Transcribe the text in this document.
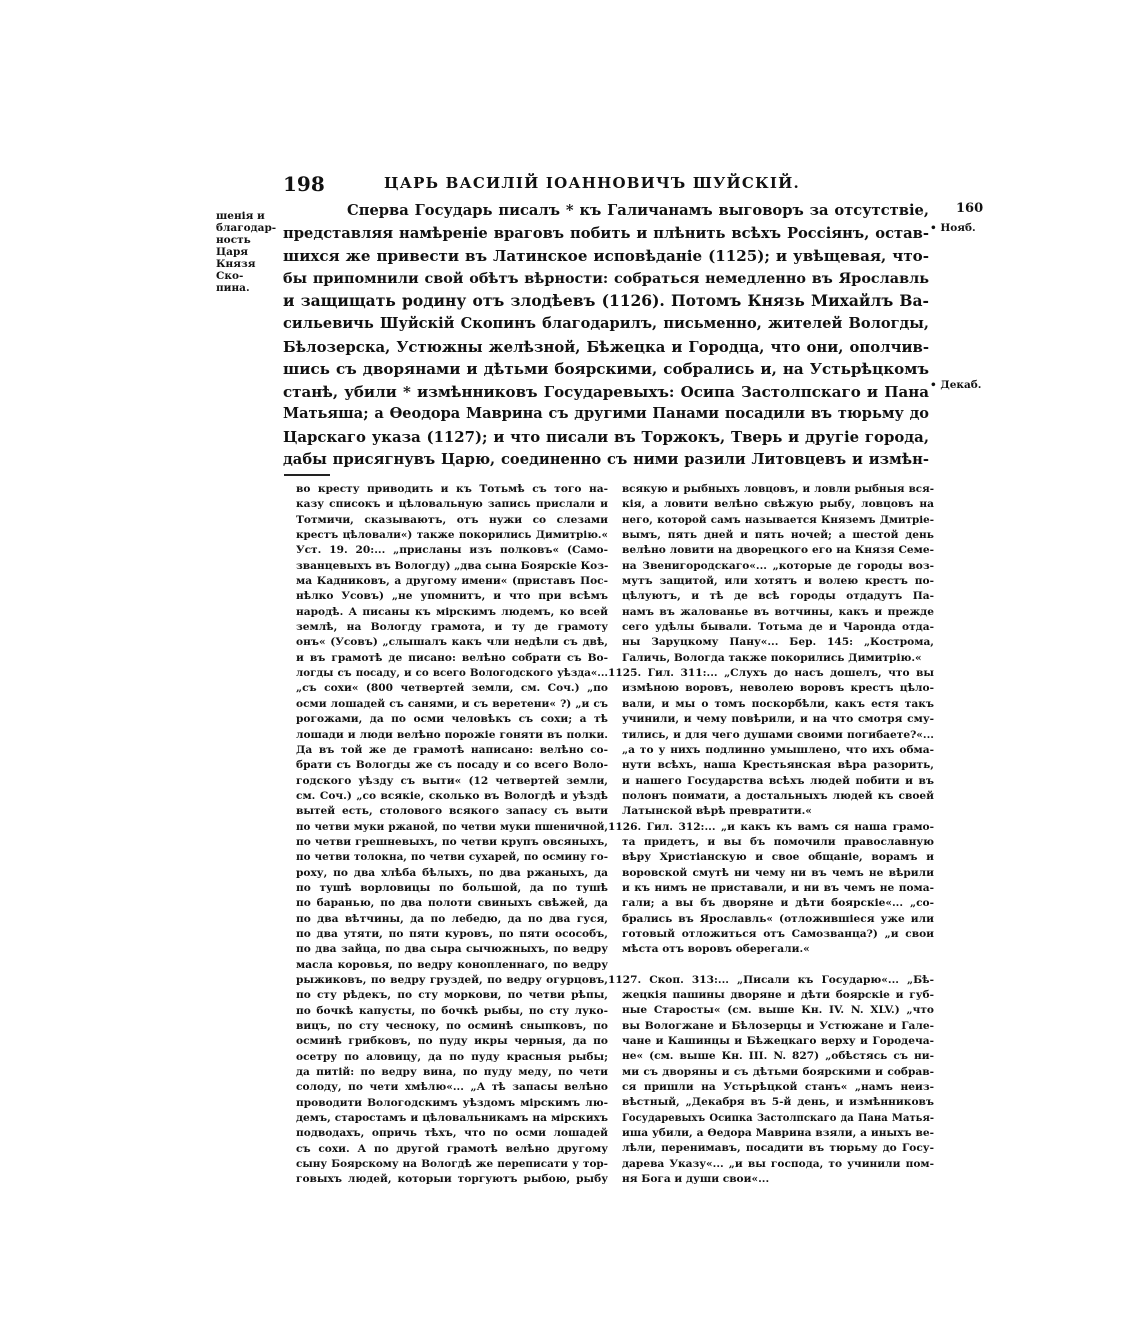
198	ЦАРЬ ВАСИЛІЙ ІОАННОВИЧЪ ШУЙСКІЙ.
шенія и
благодар-
ность Царя
Князя Ско-
пина.
160
• Нояб.
• Декаб.
Сперва Государь писалъ * къ Галичанамъ выговоръ за отсутствіе,
представляя намѣреніе враговъ побить и плѣнить всѣхъ Россіянъ, остав-
шихся же привести въ Латинское исповѣданіе (1125); и увѣщевая, что-
бы припомнили свой обѣтъ вѣрности: собраться немедленно въ Ярославль
и защищать родину отъ злодѣевъ (1126). Потомъ Князь Михайлъ Ва-
сильевичь Шуйскій Скопинъ благодарилъ, письменно, жителей Вологды,
Бѣлозерска, Устюжны желѣзной, Бѣжецка и Городца, что они, ополчив-
шись съ дворянами и дѣтьми боярскими, собрались и, на Устьрѣцкомъ
станѣ, убили * измѣнниковъ Государевыхъ: Осипа Застолпскаго и Пана
Матьяша; а Ѳеодора Маврина съ другими Панами посадили въ тюрьму до
Царскаго указа (1127); и что писали въ Торжокъ, Тверь и другіе города,
дабы присягнувъ Царю, соединенно съ ними разили Литовцевъ и измѣн-
во кресту приводить и къ Тотьмѣ съ того на-
казу списокъ и цѣловальную запись прислали и
Тотмичи, сказываютъ, отъ нужи со слезами
крестъ цѣловали«) также покорились Димитрію.«
Уст. 19. 20:... „присланы изъ полковъ« (Само-
званцевыхъ въ Вологду) „два сына Боярскіе Коз-
ма Кадниковъ, а другому имени« (приставъ Пос-
нѣлко Усовъ) „не упомнитъ, и что при всѣмъ
народѣ. А писаны къ мірскимъ людемъ, ко всей
землѣ, на Вологду грамота, и ту де грамоту
онъ« (Усовъ) „слышалъ какъ чли недѣли съ двѣ,
и въ грамотѣ де писано: велѣно собрати съ Во-
логды съ посаду, и со всего Вологодского уѣзда«...
„съ сохи« (800 четвертей земли, см. Соч.) „по
осми лошадей съ санями, и съ веретени« ?) „и съ
рогожами, да по осми человѣкъ съ сохи; а тѣ
лошади и люди велѣно порожіе гоняти въ полки.
Да въ той же де грамотѣ написано: велѣно со-
брати съ Вологды же съ посаду и со всего Воло-
годского уѣзду съ выти« (12 четвертей земли,
см. Соч.) „со всякіе, сколько въ Вологдѣ и уѣздѣ
вытей есть, столового всякого запасу съ выти
по четви муки ржаной, по четви муки пшеничной,
по четви грешневыхъ, по четви крупъ овсяныхъ,
по четви толокна, по четви сухарей, по осмину го-
роху, по два хлѣба бѣлыхъ, по два ржаныхъ, да
по тушѣ ворловицы по большой, да по тушѣ
по баранью, по два полоти свиныхъ свѣжей, да
по два вѣтчины, да по лебедю, да по два гуся,
по два утяти, по пяти куровъ, по пяти осособъ,
по два зайца, по два сыра сычюжныхъ, по ведру
масла коровья, по ведру конопленнаго, по ведру
рыжиковъ, по ведру груздей, по ведру огурцовъ,
по сту рѣдекъ, по сту моркови, по четви рѣпы,
по бочкѣ капусты, по бочкѣ рыбы, по сту луко-
вицъ, по сту чесноку, по осминѣ сныпковъ, по
осминѣ грибковъ, по пуду икры черныя, да по
осетру по аловицу, да по пуду красныя рыбы;
да питій: по ведру вина, по пуду меду, по чети
солоду, по чети хмѣлю«... „А тѣ запасы велѣно
проводити Вологодскимъ уѣздомъ мірскимъ лю-
демъ, старостамъ и цѣловальникамъ на мірскихъ
подводахъ, опричь тѣхъ, что по осми лошадей
съ сохи. А по другой грамотѣ велѣно другому
сыну Боярскому на Вологдѣ же переписати у тор-
говыхъ людей, которыи торгуютъ рыбою, рыбу
всякую и рыбныхъ ловцовъ, и ловли рыбныя вся-
кія, а ловити велѣно свѣжую рыбу, ловцовъ на
него, которой самъ называется Княземъ Дмитріе-
вымъ, пять дней и пять ночей; а шестой день
велѣно ловити на дворецкого его на Князя Семе-
на Звенигородскаго«... „которые де городы воз-
мутъ защитой, или хотятъ и волею крестъ по-
цѣлуютъ, и тѣ де всѣ городы отдадутъ Па-
намъ въ жалованье въ вотчины, какъ и прежде
сего удѣлы бывали. Тотьма де и Чаронда отда-
ны Заруцкому Пану«... Бер. 145: „Кострома,
Галичь, Вологда также покорились Димитрію.«
1125. Гил. 311:... „Слухъ до насъ дошелъ, что вы
измѣною воровъ, неволею воровъ крестъ цѣло-
вали, и мы о томъ поскорбѣли, какъ естя такъ
учинили, и чему повѣрили, и на что смотря сму-
тились, и для чего душами своими погибаете?«...
„а то у нихъ подлинно умышлено, что ихъ обма-
нути всѣхъ, наша Крестьянская вѣра разорить,
и нашего Государства всѣхъ людей побити и въ
полонъ поимати, а достальныхъ людей къ своей
Латынской вѣрѣ превратити.«
1126. Гил. 312:... „и какъ къ вамъ ся наша грамо-
та придетъ, и вы бъ помочили православную
вѣру Христіанскую и свое общаніе, ворамъ и
воровской смутѣ ни чему ни въ чемъ не вѣрили
и къ нимъ не приставали, и ни въ чемъ не пома-
гали; а вы бъ дворяне и дѣти боярскіе«... „со-
брались въ Ярославль« (отложившіеся уже или
готовый отложиться отъ Самозванца?) „и свои
мѣста отъ воровъ оберегали.«
1127. Скоп. 313:... „Писали къ Государю«... „Бѣ-
жецкія пашины дворяне и дѣти боярскіе и губ-
ные Старосты« (см. выше Кн. IV. N. XLV.) „что
вы Вологжане и Бѣлозерцы и Устюжане и Гале-
чане и Кашинцы и Бѣжецкаго верху и Городеча-
не« (см. выше Кн. III. N. 827) „обѣстясь съ ни-
ми съ дворяны и съ дѣтьми боярскими и собрав-
ся пришли на Устьрѣцкой станъ« „намъ неиз-
вѣстный, „Декабря въ 5-й день, и измѣнниковъ
Государевыхъ Осипка Застолпскаго да Пана Матья-
иша убили, а Ѳедора Маврина взяли, а иныхъ ве-
лѣли, перенимавъ, посадити въ тюрьму до Госу-
дарева Указу«... „и вы господа, то учинили пом-
ня Бога и души свои«...
